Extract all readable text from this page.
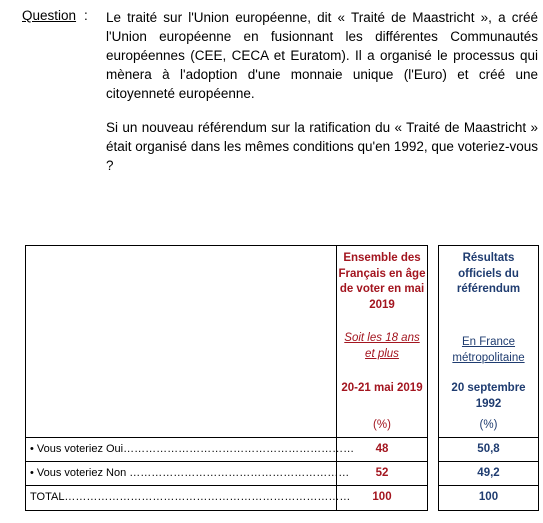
Question : Le traité sur l'Union européenne, dit « Traité de Maastricht », a créé l'Union européenne en fusionnant les différentes Communautés européennes (CEE, CECA et Euratom). Il a organisé le processus qui mènera à l'adoption d'une monnaie unique (l'Euro) et créé une citoyenneté européenne.
Si un nouveau référendum sur la ratification du « Traité de Maastricht » était organisé dans les mêmes conditions qu'en 1992, que voteriez-vous ?
Ensemble des Français en âge de voter en mai 2019
Soit les 18 ans et plus
20-21 mai 2019
(%)
Résultats officiels du référendum
En France métropolitaine
20 septembre 1992
(%)
• Vous voteriez Oui………………………………………………………	48	50,8
• Vous voteriez Non ……………………………………………………	52	49,2
TOTAL……………………………………………………………………	100	100
